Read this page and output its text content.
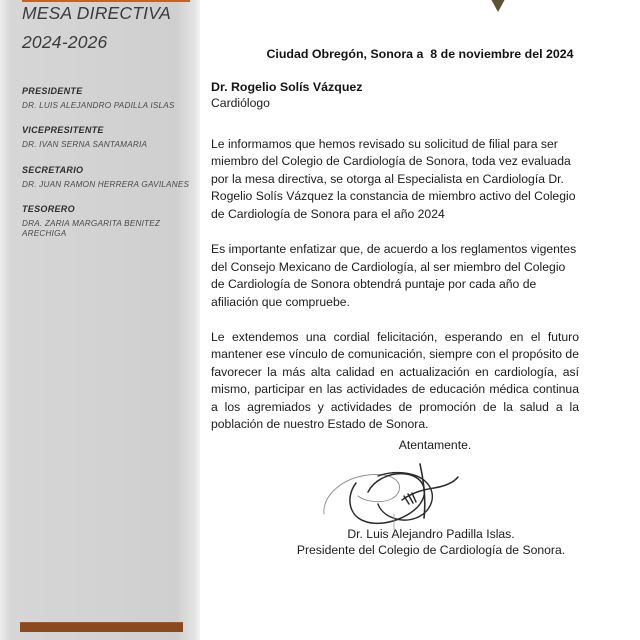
MESA DIRECTIVA
2024-2026
PRESIDENTE
DR. LUIS ALEJANDRO PADILLA ISLAS
VICEPRESITENTE
DR. IVAN SERNA SANTAMARIA
SECRETARIO
DR. JUAN RAMON HERRERA GAVILANES
TESORERO
DRA. ZARIA MARGARITA BENITEZ ARECHIGA
Ciudad Obregón, Sonora a  8 de noviembre del 2024
Dr. Rogelio Solís Vázquez
Cardiólogo

Le informamos que hemos revisado su solicitud de filial para ser miembro del Colegio de Cardiología de Sonora, toda vez evaluada por la mesa directiva, se otorga al Especialista en Cardiología Dr. Rogelio Solís Vázquez la constancia de miembro activo del Colegio de Cardiología de Sonora para el año 2024

Es importante enfatizar que, de acuerdo a los reglamentos vigentes del Consejo Mexicano de Cardiología, al ser miembro del Colegio de Cardiología de Sonora obtendrá puntaje por cada año de afiliación que compruebe.

Le extendemos una cordial felicitación, esperando en el futuro mantener ese vínculo de comunicación, siempre con el propósito de favorecer la más alta calidad en actualización en cardiología, así mismo, participar en las actividades de educación médica continua a los agremiados y actividades de promoción de la salud a la población de nuestro Estado de Sonora.

Atentamente.
Dr. Luis Alejandro Padilla Islas.
Presidente del Colegio de Cardiología de Sonora.
